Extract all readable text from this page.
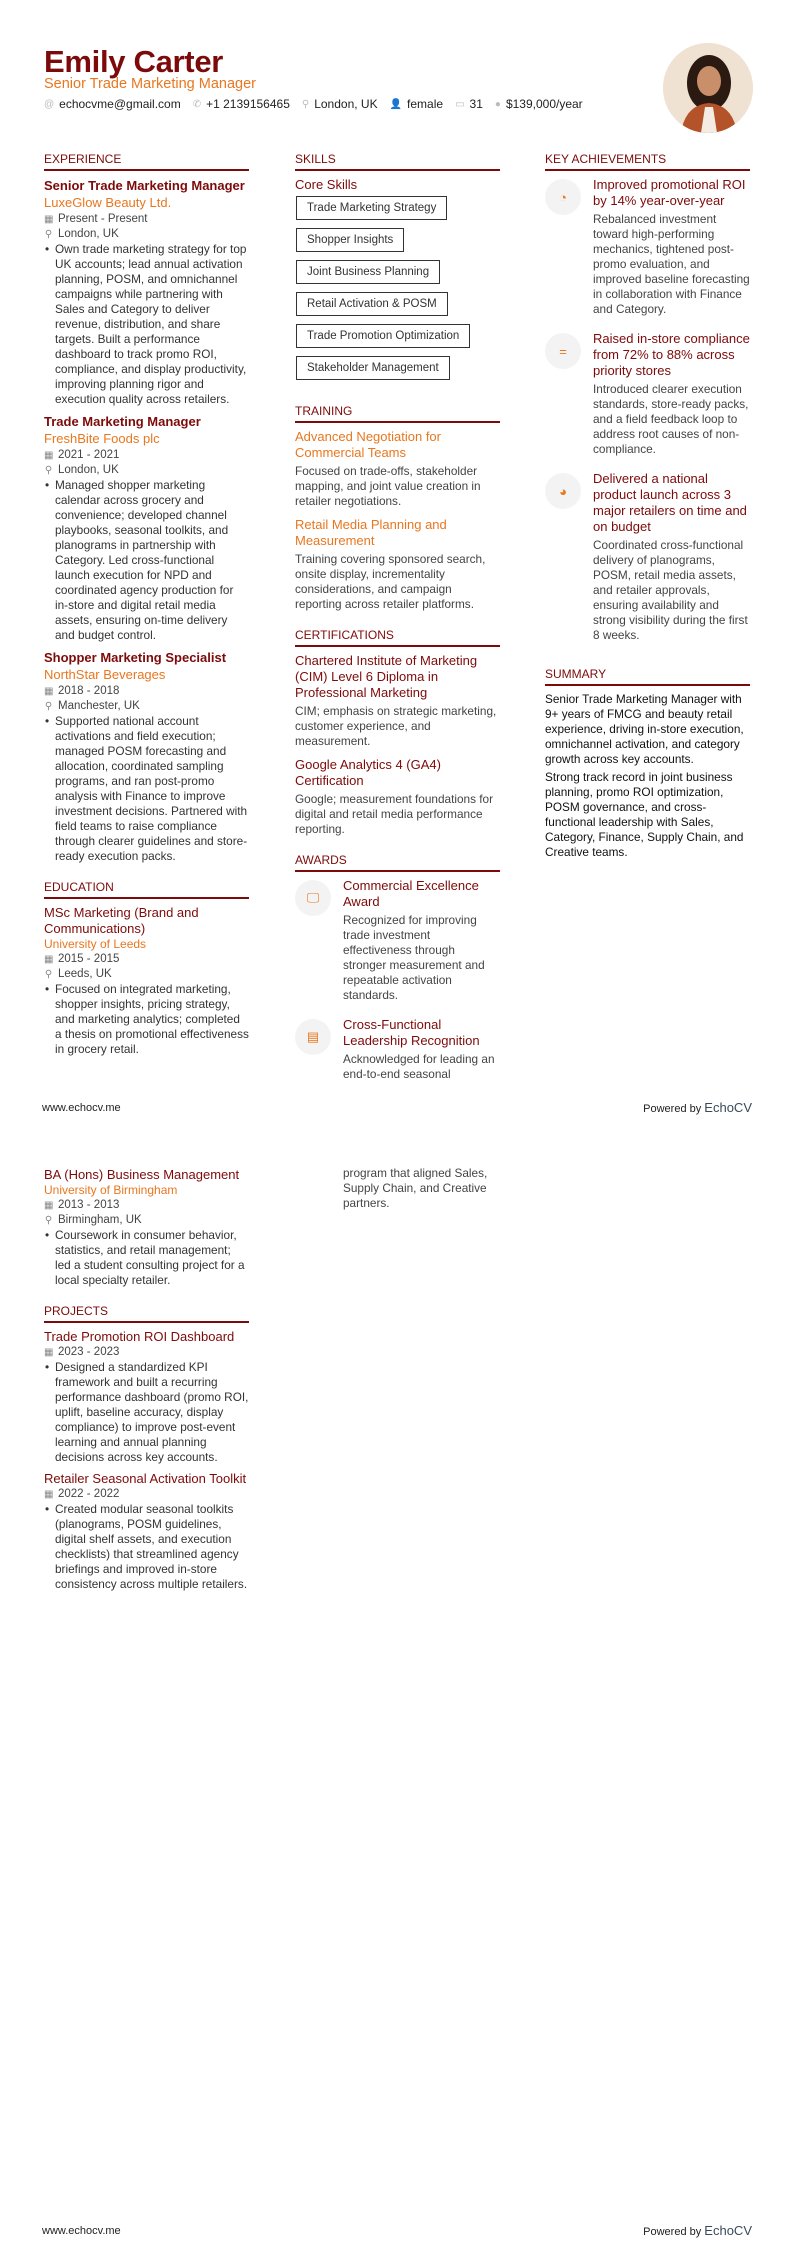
Emily Carter
Senior Trade Marketing Manager
@ echocvme@gmail.com ✆ +1 2139156465 ⚲ London, UK 👤 female ▭ 31 ● $139,000/year
EXPERIENCE
Senior Trade Marketing Manager
LuxeGlow Beauty Ltd.
▦ Present - Present
⚲ London, UK
• Own trade marketing strategy for top UK accounts; lead annual activation planning, POSM, and omnichannel campaigns while partnering with Sales and Category to deliver revenue, distribution, and share targets. Built a performance dashboard to track promo ROI, compliance, and display productivity, improving planning rigor and execution quality across retailers.
Trade Marketing Manager
FreshBite Foods plc
▦ 2021 - 2021
⚲ London, UK
• Managed shopper marketing calendar across grocery and convenience; developed channel playbooks, seasonal toolkits, and planograms in partnership with Category. Led cross-functional launch execution for NPD and coordinated agency production for in-store and digital retail media assets, ensuring on-time delivery and budget control.
Shopper Marketing Specialist
NorthStar Beverages
▦ 2018 - 2018
⚲ Manchester, UK
• Supported national account activations and field execution; managed POSM forecasting and allocation, coordinated sampling programs, and ran post-promo analysis with Finance to improve investment decisions. Partnered with field teams to raise compliance through clearer guidelines and store-ready execution packs.
EDUCATION
MSc Marketing (Brand and Communications)
University of Leeds
▦ 2015 - 2015
⚲ Leeds, UK
• Focused on integrated marketing, shopper insights, pricing strategy, and marketing analytics; completed a thesis on promotional effectiveness in grocery retail.
SKILLS
Core Skills
Trade Marketing Strategy
Shopper Insights
Joint Business Planning
Retail Activation & POSM
Trade Promotion Optimization
Stakeholder Management

TRAINING
Advanced Negotiation for Commercial Teams

Focused on trade-offs, stakeholder mapping, and joint value creation in retailer negotiations.

Retail Media Planning and Measurement

Training covering sponsored search, onsite display, incrementality considerations, and campaign reporting across retailer platforms.

CERTIFICATIONS
Chartered Institute of Marketing (CIM) Level 6 Diploma in Professional Marketing

CIM; emphasis on strategic marketing, customer experience, and measurement.

Google Analytics 4 (GA4) Certification

Google; measurement foundations for digital and retail media performance reporting.

AWARDS
🖵
Commercial Excellence Award

Recognized for improving trade investment effectiveness through stronger measurement and repeatable activation standards.

▤
Cross-Functional Leadership Recognition

Acknowledged for leading an end-to-end seasonal

KEY ACHIEVEMENTS
◔
Improved promotional ROI by 14% year-over-year

Rebalanced investment toward high-performing mechanics, tightened post-promo evaluation, and improved baseline forecasting in collaboration with Finance and Category.

=
Raised in-store compliance from 72% to 88% across priority stores

Introduced clearer execution standards, store-ready packs, and a field feedback loop to address root causes of non-compliance.

◕
Delivered a national product launch across 3 major retailers on time and on budget

Coordinated cross-functional delivery of planograms, POSM, retail media assets, and retailer approvals, ensuring availability and strong visibility during the first 8 weeks.

SUMMARY

Senior Trade Marketing Manager with 9+ years of FMCG and beauty retail experience, driving in-store execution, omnichannel activation, and category growth across key accounts.

Strong track record in joint business planning, promo ROI optimization, POSM governance, and cross-functional leadership with Sales, Category, Finance, Supply Chain, and Creative teams.

www.echocv.me	Powered by EchoCV
BA (Hons) Business Management
University of Birmingham
▦ 2013 - 2013
⚲ Birmingham, UK
• Coursework in consumer behavior, statistics, and retail management; led a student consulting project for a local specialty retailer.
PROJECTS
Trade Promotion ROI Dashboard
▦ 2023 - 2023
• Designed a standardized KPI framework and built a recurring performance dashboard (promo ROI, uplift, baseline accuracy, display compliance) to improve post-event learning and annual planning decisions across key accounts.
Retailer Seasonal Activation Toolkit
▦ 2022 - 2022
• Created modular seasonal toolkits (planograms, POSM guidelines, digital shelf assets, and execution checklists) that streamlined agency briefings and improved in-store consistency across multiple retailers.

program that aligned Sales, Supply Chain, and Creative partners.

www.echocv.me	Powered by EchoCV
